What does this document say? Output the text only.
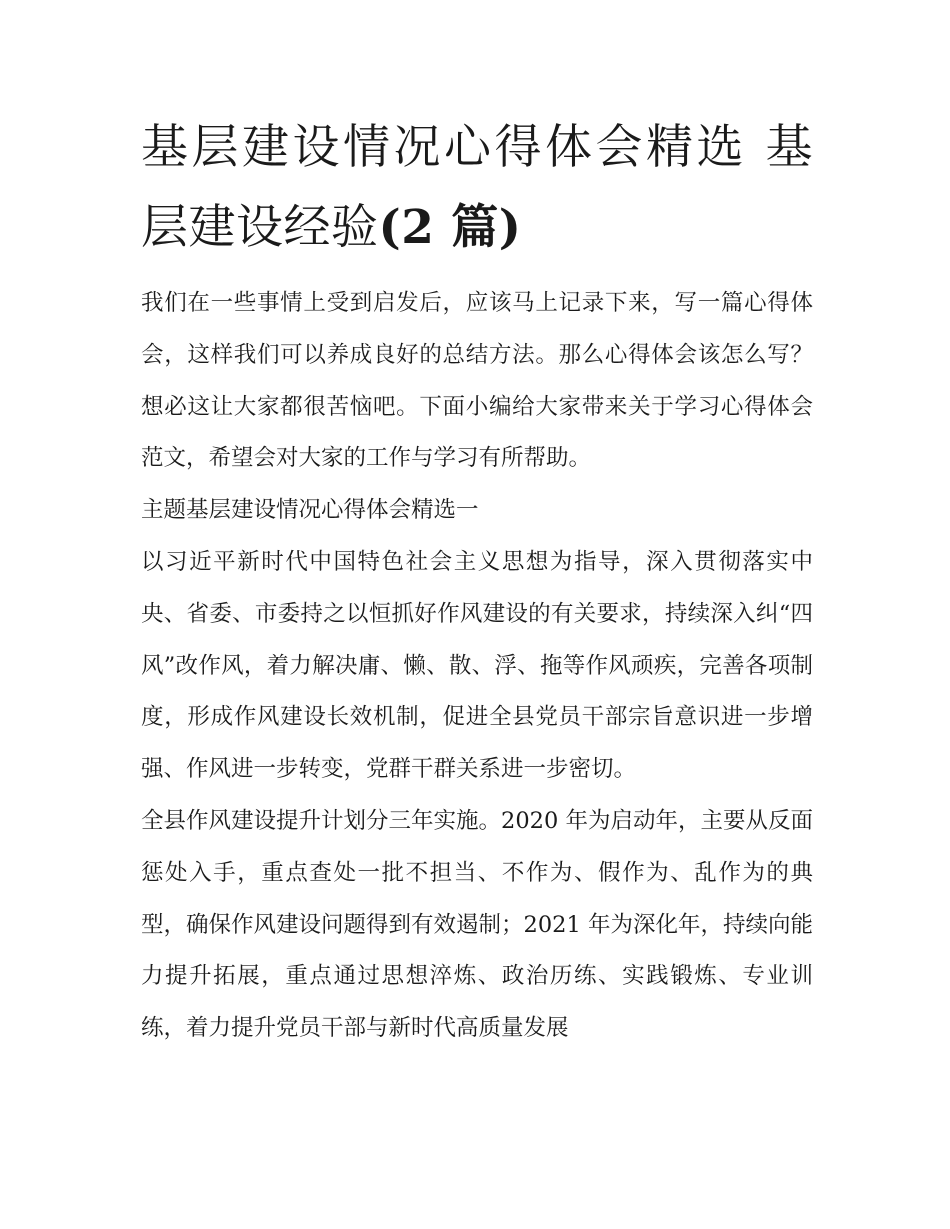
基层建设情况心得体会精选 基层建设经验(2 篇)

我们在一些事情上受到启发后，应该马上记录下来，写一篇心得体会，这样我们可以养成良好的总结方法。那么心得体会该怎么写？想必这让大家都很苦恼吧。下面小编给大家带来关于学习心得体会范文，希望会对大家的工作与学习有所帮助。

主题基层建设情况心得体会精选一

以习近平新时代中国特色社会主义思想为指导，深入贯彻落实中央、省委、市委持之以恒抓好作风建设的有关要求，持续深入纠“四风”改作风，着力解决庸、懒、散、浮、拖等作风顽疾，完善各项制度，形成作风建设长效机制，促进全县党员干部宗旨意识进一步增强、作风进一步转变，党群干群关系进一步密切。

全县作风建设提升计划分三年实施。2020 年为启动年，主要从反面惩处入手，重点查处一批不担当、不作为、假作为、乱作为的典型，确保作风建设问题得到有效遏制；2021 年为深化年，持续向能力提升拓展，重点通过思想淬炼、政治历练、实践锻炼、专业训练，着力提升党员干部与新时代高质量发展
